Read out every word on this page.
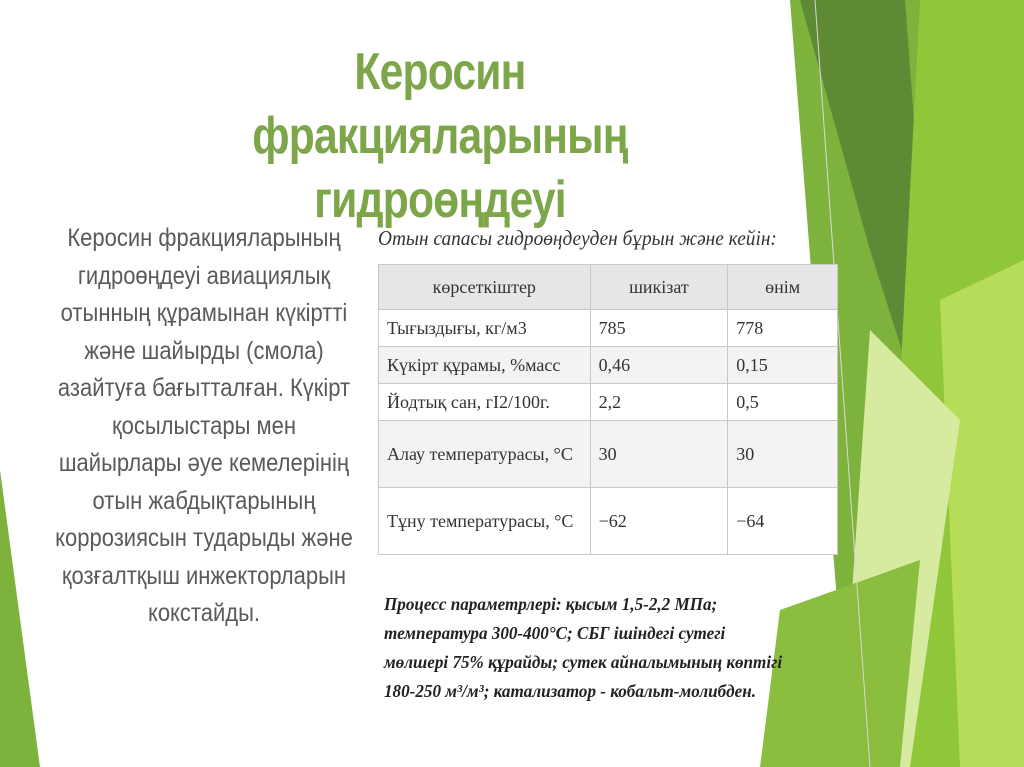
Керосин фракцияларының
гидроөңдеуі
Керосин фракцияларының гидроөңдеуі авиациялық отынның құрамынан күкіртті және шайырды (смола) азайтуға бағытталған. Күкірт қосылыстары мен шайырлары әуе кемелерінің отын жабдықтарының коррозиясын тударыды және қозғалтқыш инжекторларын кокстайды.
Отын сапасы гидроөңдеуден бұрын және кейін:
көрсеткіштер	шикізат	өнім
Тығыздығы, кг/м3	785	778
Күкірт құрамы, %масс	0,46	0,15
Йодтық сан, гІ2/100г.	2,2	0,5
Алау температурасы, °С	30	30
Тұну температурасы, °С	−62	−64
Процесс параметрлері: қысым 1,5-2,2 МПа; температура 300-400°С; СБГ ішіндегі сутегі мөлшері 75% құрайды; сутек айналымының көптігі 180-250 м³/м³; катализатор - кобальт-молибден.
